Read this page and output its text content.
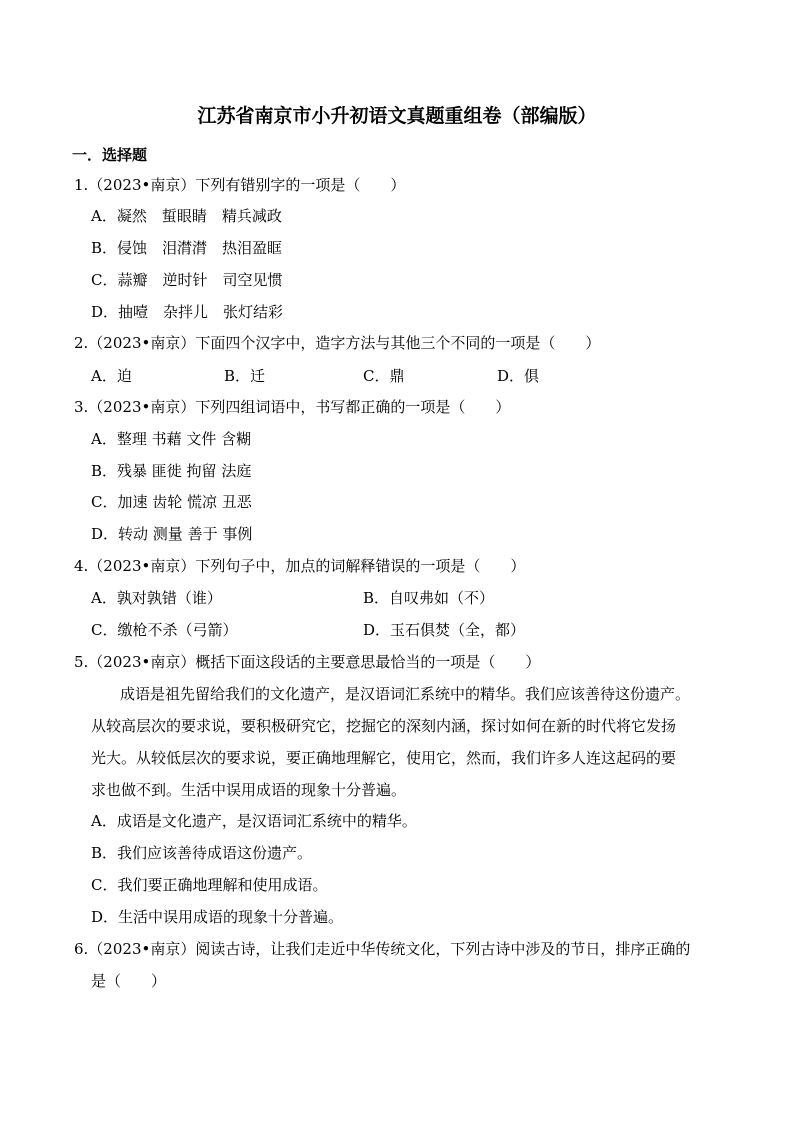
江苏省南京市小升初语文真题重组卷（部编版）
一．选择题
1.（2023•南京）下列有错别字的一项是（　　）
A．凝然　蜇眼睛　精兵减政
B．侵蚀　泪潸潸　热泪盈眶
C．蒜瓣　逆时针　司空见惯
D．抽噎　杂拌儿　张灯结彩
2.（2023•南京）下面四个汉字中，造字方法与其他三个不同的一项是（　　）
A．迫	B．迁	C．鼎	D．俱
3.（2023•南京）下列四组词语中，书写都正确的一项是（　　）
A．整理 书藉 文件 含糊
B．残暴 匪徙 拘留 法庭
C．加速 齿轮 慌凉 丑恶
D．转动 测量 善于 事例
4.（2023•南京）下列句子中，加点的词解释错误的一项是（　　）
A．孰对孰错（谁）	B．自叹弗如（不）
C．缴枪不杀（弓箭）	D．玉石俱焚（全，都）
5.（2023•南京）概括下面这段话的主要意思最恰当的一项是（　　）
成语是祖先留给我们的文化遗产，是汉语词汇系统中的精华。我们应该善待这份遗产。
从较高层次的要求说，要积极研究它，挖掘它的深刻内涵，探讨如何在新的时代将它发扬
光大。从较低层次的要求说，要正确地理解它，使用它，然而，我们许多人连这起码的要
求也做不到。生活中误用成语的现象十分普遍。
A．成语是文化遗产，是汉语词汇系统中的精华。
B．我们应该善待成语这份遗产。
C．我们要正确地理解和使用成语。
D．生活中误用成语的现象十分普遍。
6.（2023•南京）阅读古诗，让我们走近中华传统文化，下列古诗中涉及的节日，排序正确的
是（　　）
